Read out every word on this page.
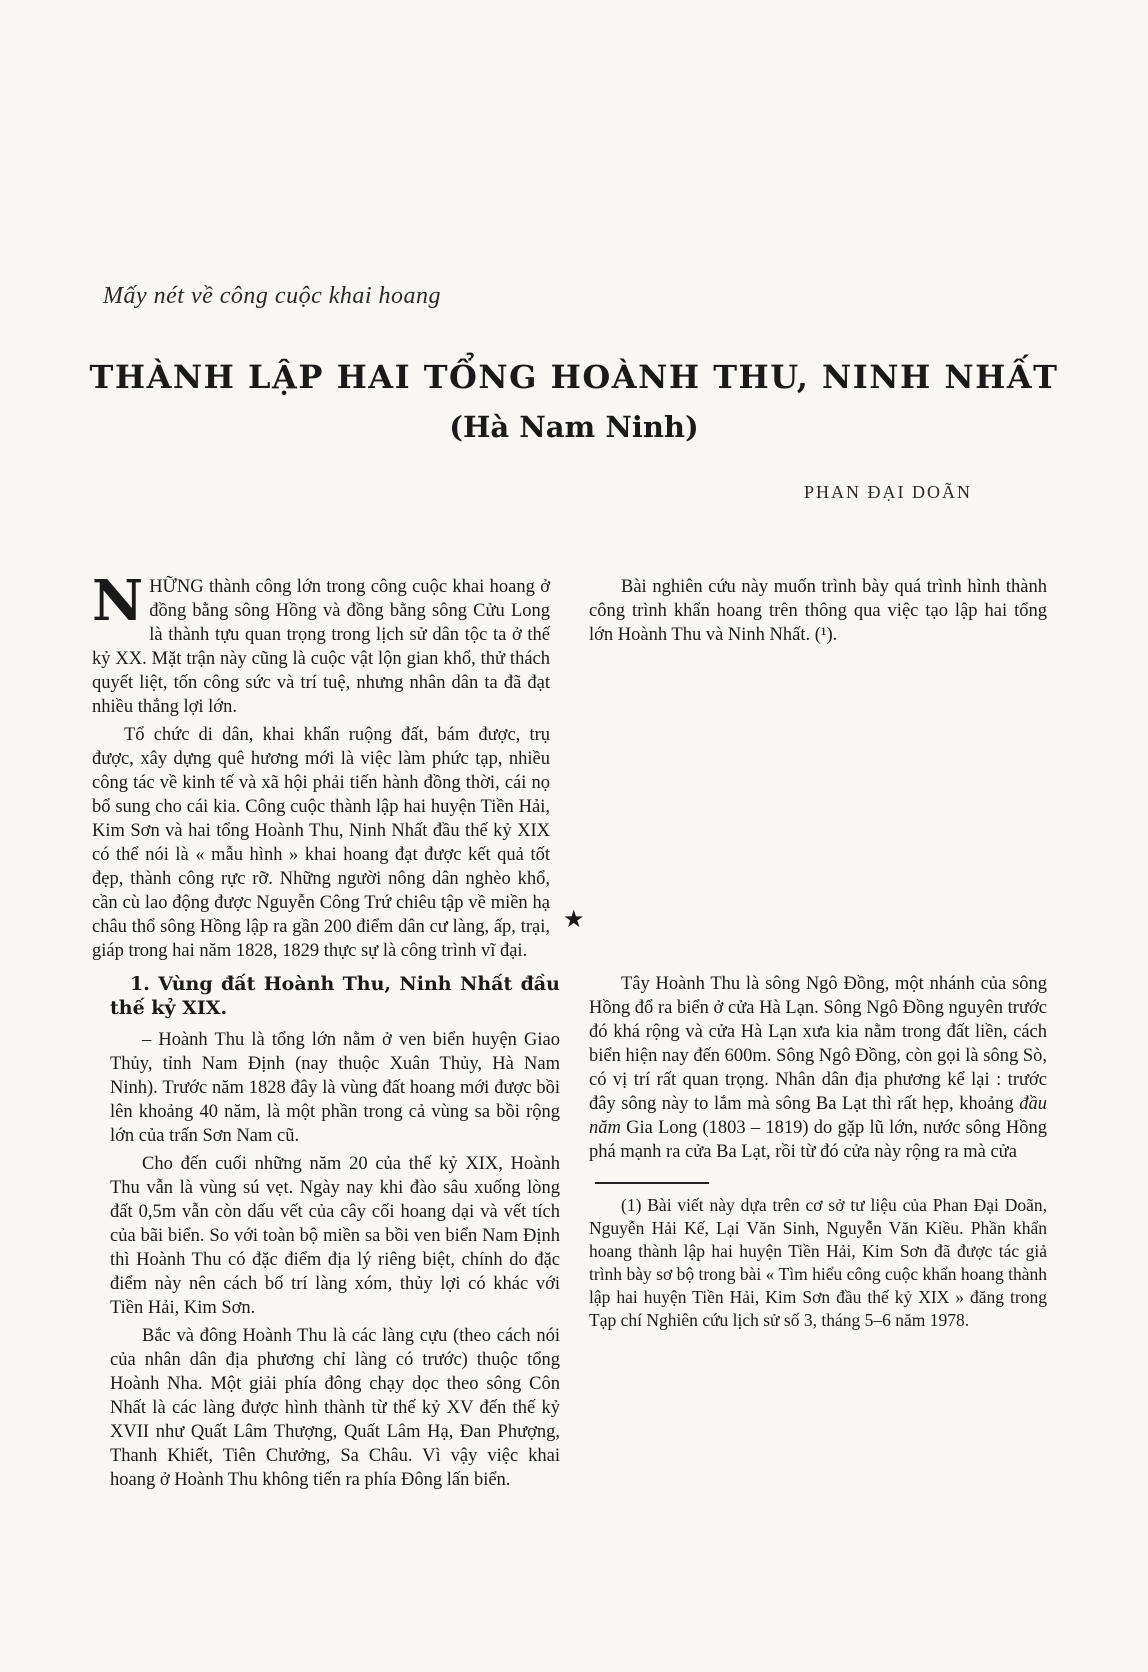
Mấy nét về công cuộc khai hoang
THÀNH LẬP HAI TỔNG HOÀNH THU, NINH NHẤT
(Hà Nam Ninh)
PHAN ĐẠI DOÃN

NHỮNG thành công lớn trong công cuộc khai hoang ở đồng bằng sông Hồng và đồng bằng sông Cửu Long là thành tựu quan trọng trong lịch sử dân tộc ta ở thế kỷ XX. Mặt trận này cũng là cuộc vật lộn gian khổ, thử thách quyết liệt, tốn công sức và trí tuệ, nhưng nhân dân ta đã đạt nhiều thắng lợi lớn.

Tổ chức di dân, khai khẩn ruộng đất, bám được, trụ được, xây dựng quê hương mới là việc làm phức tạp, nhiều công tác về kinh tế và xã hội phải tiến hành đồng thời, cái nọ bổ sung cho cái kia. Công cuộc thành lập hai huyện Tiền Hải, Kim Sơn và hai tổng Hoành Thu, Ninh Nhất đầu thế kỷ XIX có thể nói là « mẫu hình » khai hoang đạt được kết quả tốt đẹp, thành công rực rỡ. Những người nông dân nghèo khổ, cần cù lao động được Nguyễn Công Trứ chiêu tập về miền hạ châu thổ sông Hồng lập ra gần 200 điểm dân cư làng, ấp, trại, giáp trong hai năm 1828, 1829 thực sự là công trình vĩ đại.

Bài nghiên cứu này muốn trình bày quá trình hình thành công trình khẩn hoang trên thông qua việc tạo lập hai tổng lớn Hoành Thu và Ninh Nhất. (¹).

★
1. Vùng đất Hoành Thu, Ninh Nhất đầu thế kỷ XIX.

– Hoành Thu là tổng lớn nằm ở ven biển huyện Giao Thủy, tỉnh Nam Định (nay thuộc Xuân Thủy, Hà Nam Ninh). Trước năm 1828 đây là vùng đất hoang mới được bồi lên khoảng 40 năm, là một phần trong cả vùng sa bồi rộng lớn của trấn Sơn Nam cũ.

Cho đến cuối những năm 20 của thế kỷ XIX, Hoành Thu vẫn là vùng sú vẹt. Ngày nay khi đào sâu xuống lòng đất 0,5m vẫn còn dấu vết của cây cối hoang dại và vết tích của bãi biển. So với toàn bộ miền sa bồi ven biển Nam Định thì Hoành Thu có đặc điểm địa lý riêng biệt, chính do đặc điểm này nên cách bố trí làng xóm, thủy lợi có khác với Tiền Hải, Kim Sơn.

Bắc và đông Hoành Thu là các làng cựu (theo cách nói của nhân dân địa phương chỉ làng có trước) thuộc tổng Hoành Nha. Một giải phía đông chạy dọc theo sông Côn Nhất là các làng được hình thành từ thế kỷ XV đến thế kỷ XVII như Quất Lâm Thượng, Quất Lâm Hạ, Đan Phượng, Thanh Khiết, Tiên Chưởng, Sa Châu. Vì vậy việc khai hoang ở Hoành Thu không tiến ra phía Đông lấn biển.

Tây Hoành Thu là sông Ngô Đồng, một nhánh của sông Hồng đổ ra biển ở cửa Hà Lạn. Sông Ngô Đồng nguyên trước đó khá rộng và cửa Hà Lạn xưa kia nằm trong đất liền, cách biển hiện nay đến 600m. Sông Ngô Đồng, còn gọi là sông Sò, có vị trí rất quan trọng. Nhân dân địa phương kể lại : trước đây sông này to lắm mà sông Ba Lạt thì rất hẹp, khoảng đầu năm Gia Long (1803 – 1819) do gặp lũ lớn, nước sông Hồng phá mạnh ra cửa Ba Lạt, rồi từ đó cửa này rộng ra mà cửa

(1) Bài viết này dựa trên cơ sở tư liệu của Phan Đại Doãn, Nguyễn Hải Kế, Lại Văn Sinh, Nguyễn Văn Kiều. Phần khẩn hoang thành lập hai huyện Tiền Hải, Kim Sơn đã được tác giả trình bày sơ bộ trong bài « Tìm hiểu công cuộc khẩn hoang thành lập hai huyện Tiền Hải, Kim Sơn đầu thế kỷ XIX » đăng trong Tạp chí Nghiên cứu lịch sử số 3, tháng 5–6 năm 1978.
